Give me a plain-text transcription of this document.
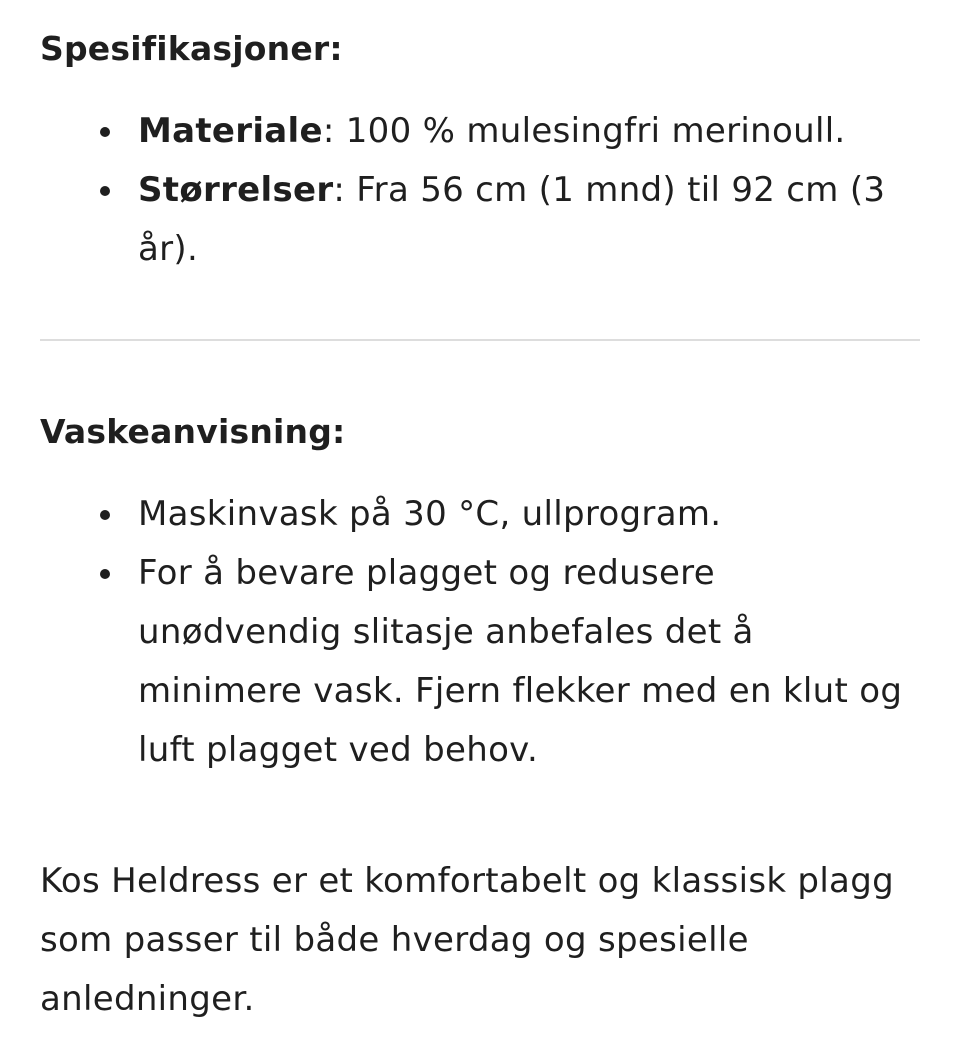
Spesifikasjoner:
Materiale: 100 % mulesingfri merinoull.
Størrelser: Fra 56 cm (1 mnd) til 92 cm (3 år).
Vaskeanvisning:
Maskinvask på 30 °C, ullprogram.
For å bevare plagget og redusere unødvendig slitasje anbefales det å minimere vask. Fjern flekker med en klut og luft plagget ved behov.

Kos Heldress er et komfortabelt og klassisk plagg som passer til både hverdag og spesielle anledninger.
